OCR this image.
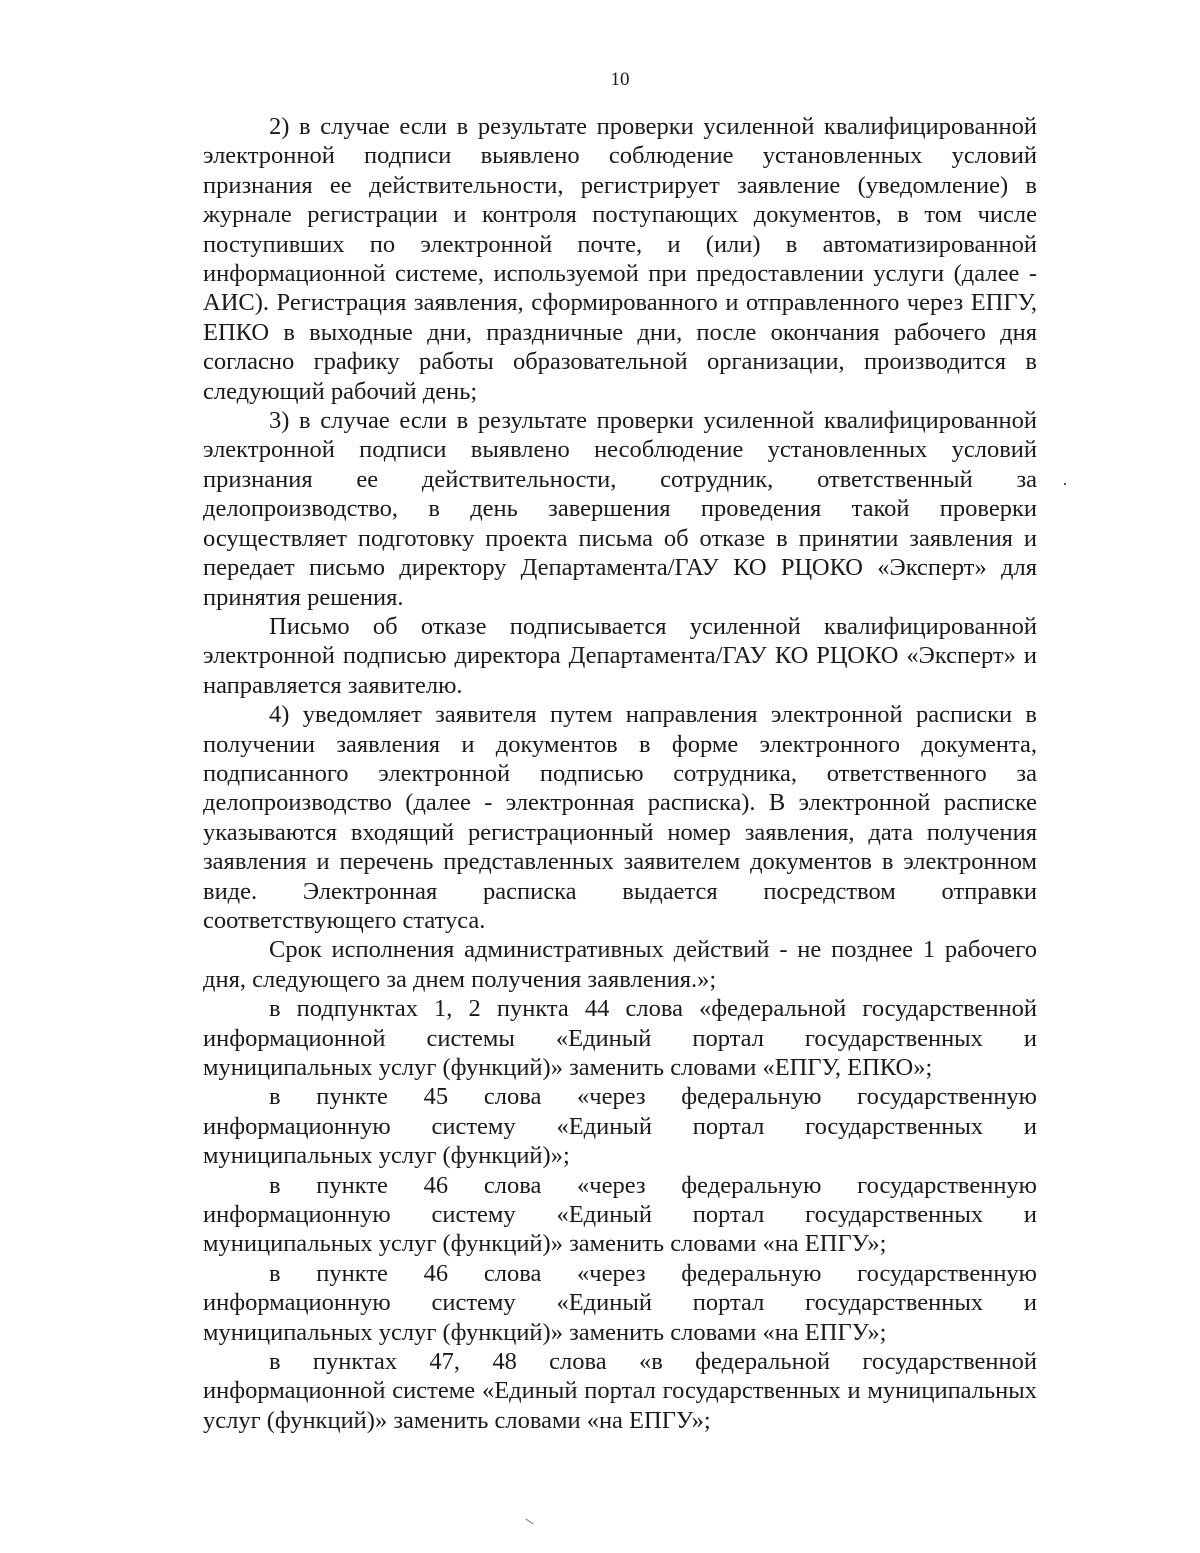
10

2) в случае если в результате проверки усиленной квалифицированной электронной подписи выявлено соблюдение установленных условий признания ее действительности, регистрирует заявление (уведомление) в журнале регистрации и контроля поступающих документов, в том числе поступивших по электронной почте, и (или) в автоматизированной информационной системе, используемой при предоставлении услуги (далее - АИС). Регистрация заявления, сформированного и отправленного через ЕПГУ, ЕПКО в выходные дни, праздничные дни, после окончания рабочего дня согласно графику работы образовательной организации, производится в следующий рабочий день;

3) в случае если в результате проверки усиленной квалифицированной электронной подписи выявлено несоблюдение установленных условий признания ее действительности, сотрудник, ответственный за делопроизводство, в день завершения проведения такой проверки осуществляет подготовку проекта письма об отказе в принятии заявления и передает письмо директору Департамента/ГАУ КО РЦОКО «Эксперт» для принятия решения.

Письмо об отказе подписывается усиленной квалифицированной электронной подписью директора Департамента/ГАУ КО РЦОКО «Эксперт» и направляется заявителю.

4) уведомляет заявителя путем направления электронной расписки в получении заявления и документов в форме электронного документа, подписанного электронной подписью сотрудника, ответственного за делопроизводство (далее - электронная расписка). В электронной расписке указываются входящий регистрационный номер заявления, дата получения заявления и перечень представленных заявителем документов в электронном виде. Электронная расписка выдается посредством отправки соответствующего статуса.

Срок исполнения административных действий - не позднее 1 рабочего дня, следующего за днем получения заявления.»;

в подпунктах 1, 2 пункта 44 слова «федеральной государственной информационной системы «Единый портал государственных и муниципальных услуг (функций)» заменить словами «ЕПГУ, ЕПКО»;

в пункте 45 слова «через федеральную государственную информационную систему «Единый портал государственных и муниципальных услуг (функций)»;

в пункте 46 слова «через федеральную государственную информационную систему «Единый портал государственных и муниципальных услуг (функций)» заменить словами «на ЕПГУ»;

в пункте 46 слова «через федеральную государственную информационную систему «Единый портал государственных и муниципальных услуг (функций)» заменить словами «на ЕПГУ»;

в пунктах 47, 48 слова «в федеральной государственной информационной системе «Единый портал государственных и муниципальных услуг (функций)» заменить словами «на ЕПГУ»;
